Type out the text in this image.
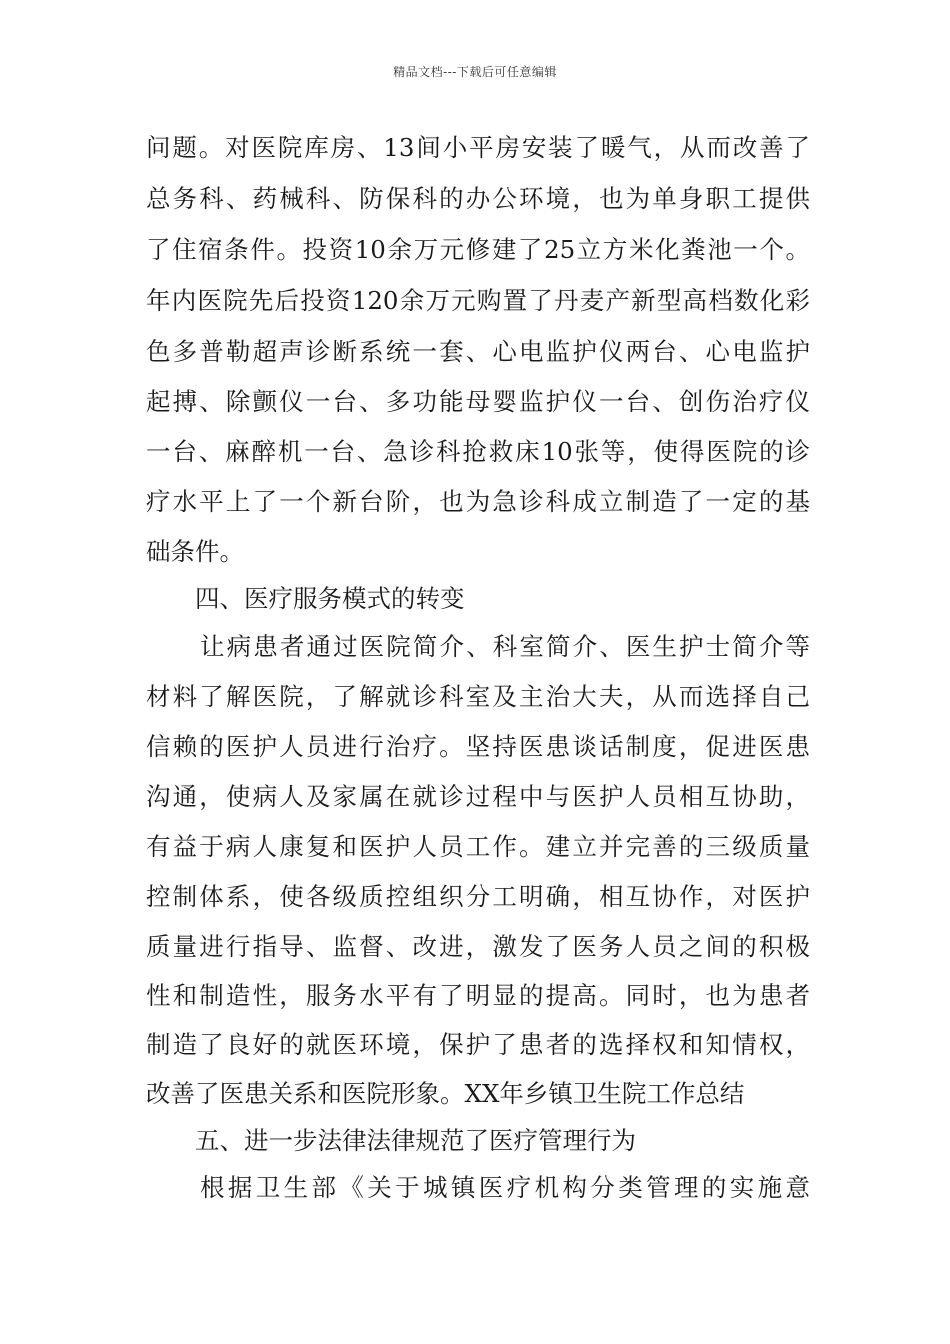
精品文档---下载后可任意编辑
问题。对医院库房、13间小平房安装了暖气，从而改善了
总务科、药械科、防保科的办公环境，也为单身职工提供
了住宿条件。投资10余万元修建了25立方米化粪池一个。
年内医院先后投资120余万元购置了丹麦产新型高档数化彩
色多普勒超声诊断系统一套、心电监护仪两台、心电监护
起搏、除颤仪一台、多功能母婴监护仪一台、创伤治疗仪
一台、麻醉机一台、急诊科抢救床10张等，使得医院的诊
疗水平上了一个新台阶，也为急诊科成立制造了一定的基
础条件。
四、医疗服务模式的转变
让病患者通过医院简介、科室简介、医生护士简介等
材料了解医院，了解就诊科室及主治大夫，从而选择自己
信赖的医护人员进行治疗。坚持医患谈话制度，促进医患
沟通，使病人及家属在就诊过程中与医护人员相互协助，
有益于病人康复和医护人员工作。建立并完善的三级质量
控制体系，使各级质控组织分工明确，相互协作，对医护
质量进行指导、监督、改进，激发了医务人员之间的积极
性和制造性，服务水平有了明显的提高。同时，也为患者
制造了良好的就医环境，保护了患者的选择权和知情权，
改善了医患关系和医院形象。XX年乡镇卫生院工作总结
五、进一步法律法律规范了医疗管理行为
根据卫生部《关于城镇医疗机构分类管理的实施意
